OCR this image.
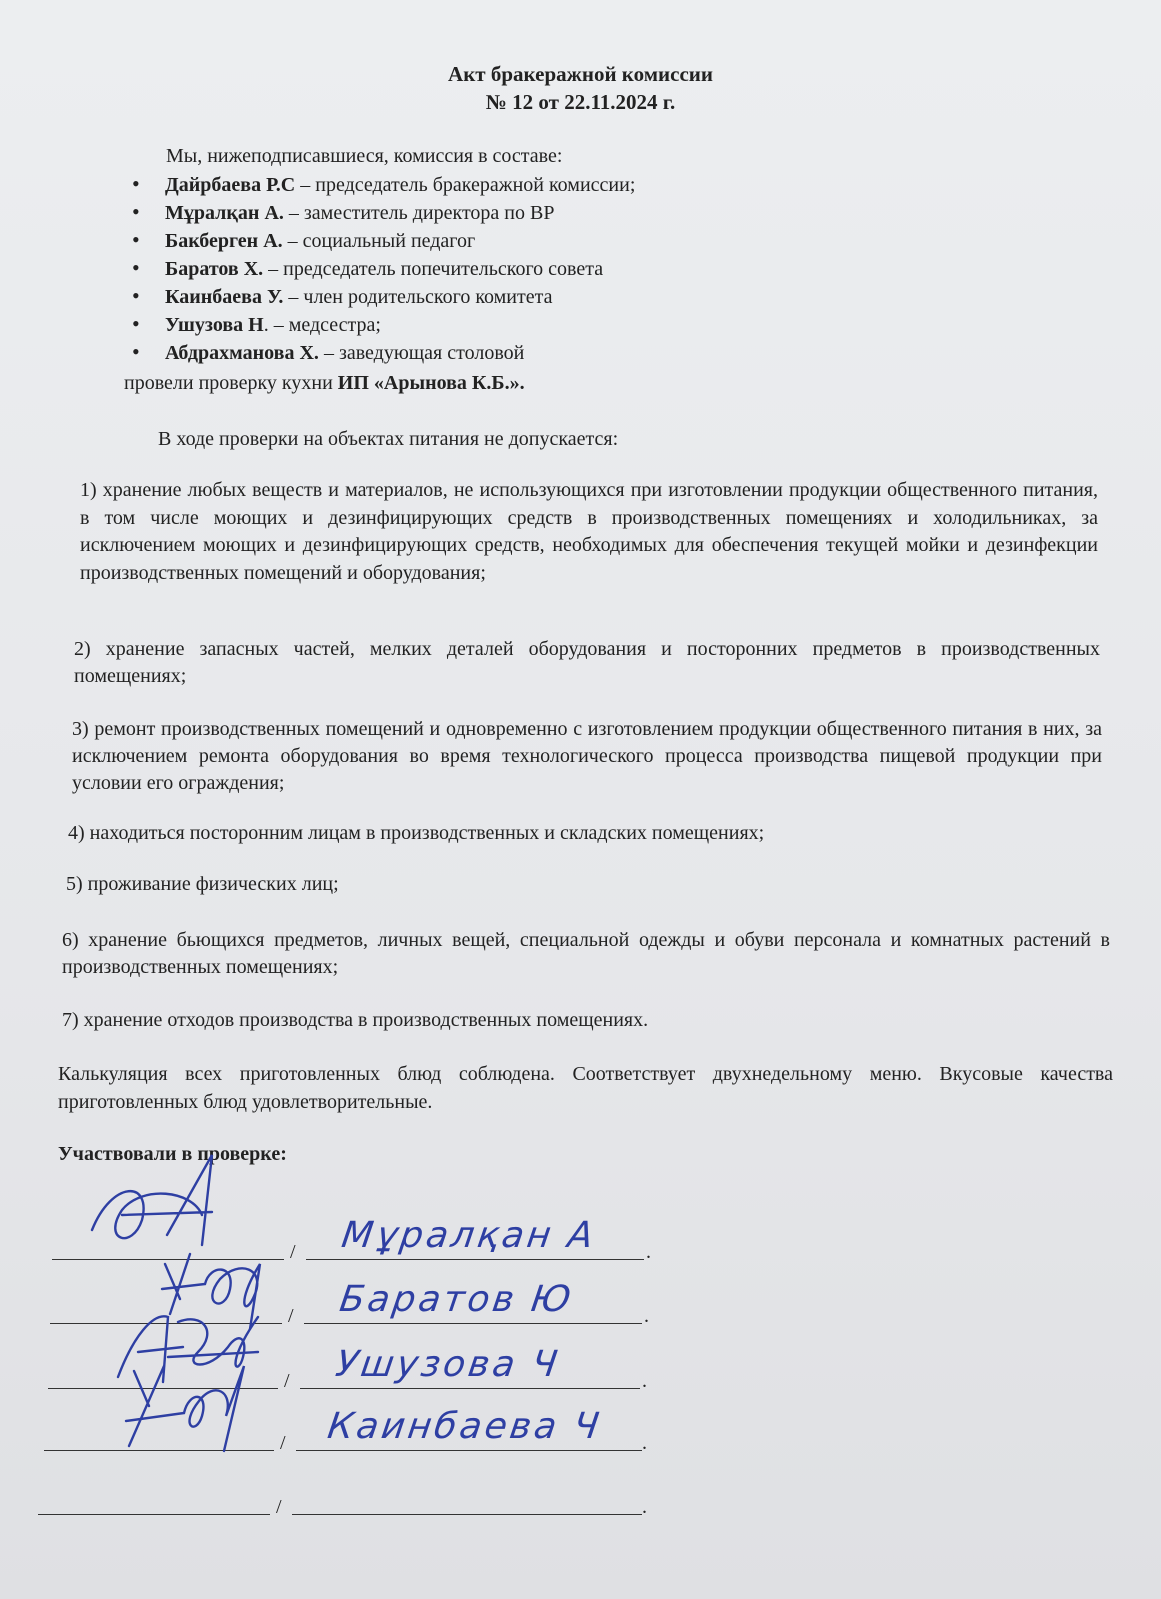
Акт бракеражной комиссии
№ 12 от 22.11.2024 г.
Мы, нижеподписавшиеся, комиссия в составе:
• Дайрбаева Р.С – председатель бракеражной комиссии;
• Мұралқан А. – заместитель директора по ВР
• Бакберген А. – социальный педагог
• Баратов Х. – председатель попечительского совета
• Каинбаева У. – член родительского комитета
• Ушузова Н. – медсестра;
• Абдрахманова Х. – заведующая столовой
провели проверку кухни ИП «Арынова К.Б.».
В ходе проверки на объектах питания не допускается:
1) хранение любых веществ и материалов, не использующихся при изготовлении продукции общественного питания, в том числе моющих и дезинфицирующих средств в производственных помещениях и холодильниках, за исключением моющих и дезинфицирующих средств, необходимых для обеспечения текущей мойки и дезинфекции производственных помещений и оборудования;
2) хранение запасных частей, мелких деталей оборудования и посторонних предметов в производственных помещениях;
3) ремонт производственных помещений и одновременно с изготовлением продукции общественного питания в них, за исключением ремонта оборудования во время технологического процесса производства пищевой продукции при условии его ограждения;
4) находиться посторонним лицам в производственных и складских помещениях;
5) проживание физических лиц;
6) хранение бьющихся предметов, личных вещей, специальной одежды и обуви персонала и комнатных растений в производственных помещениях;
7) хранение отходов производства в производственных помещениях.
Калькуляция всех приготовленных блюд соблюдена. Соответствует двухнедельному меню. Вкусовые качества приготовленных блюд удовлетворительные.
Участвовали в проверке:
/ Мұралқан А .
/ Баратов Ю	.
/ Ушузова Ч	.
/ Каинбаева Ч .
/	.
